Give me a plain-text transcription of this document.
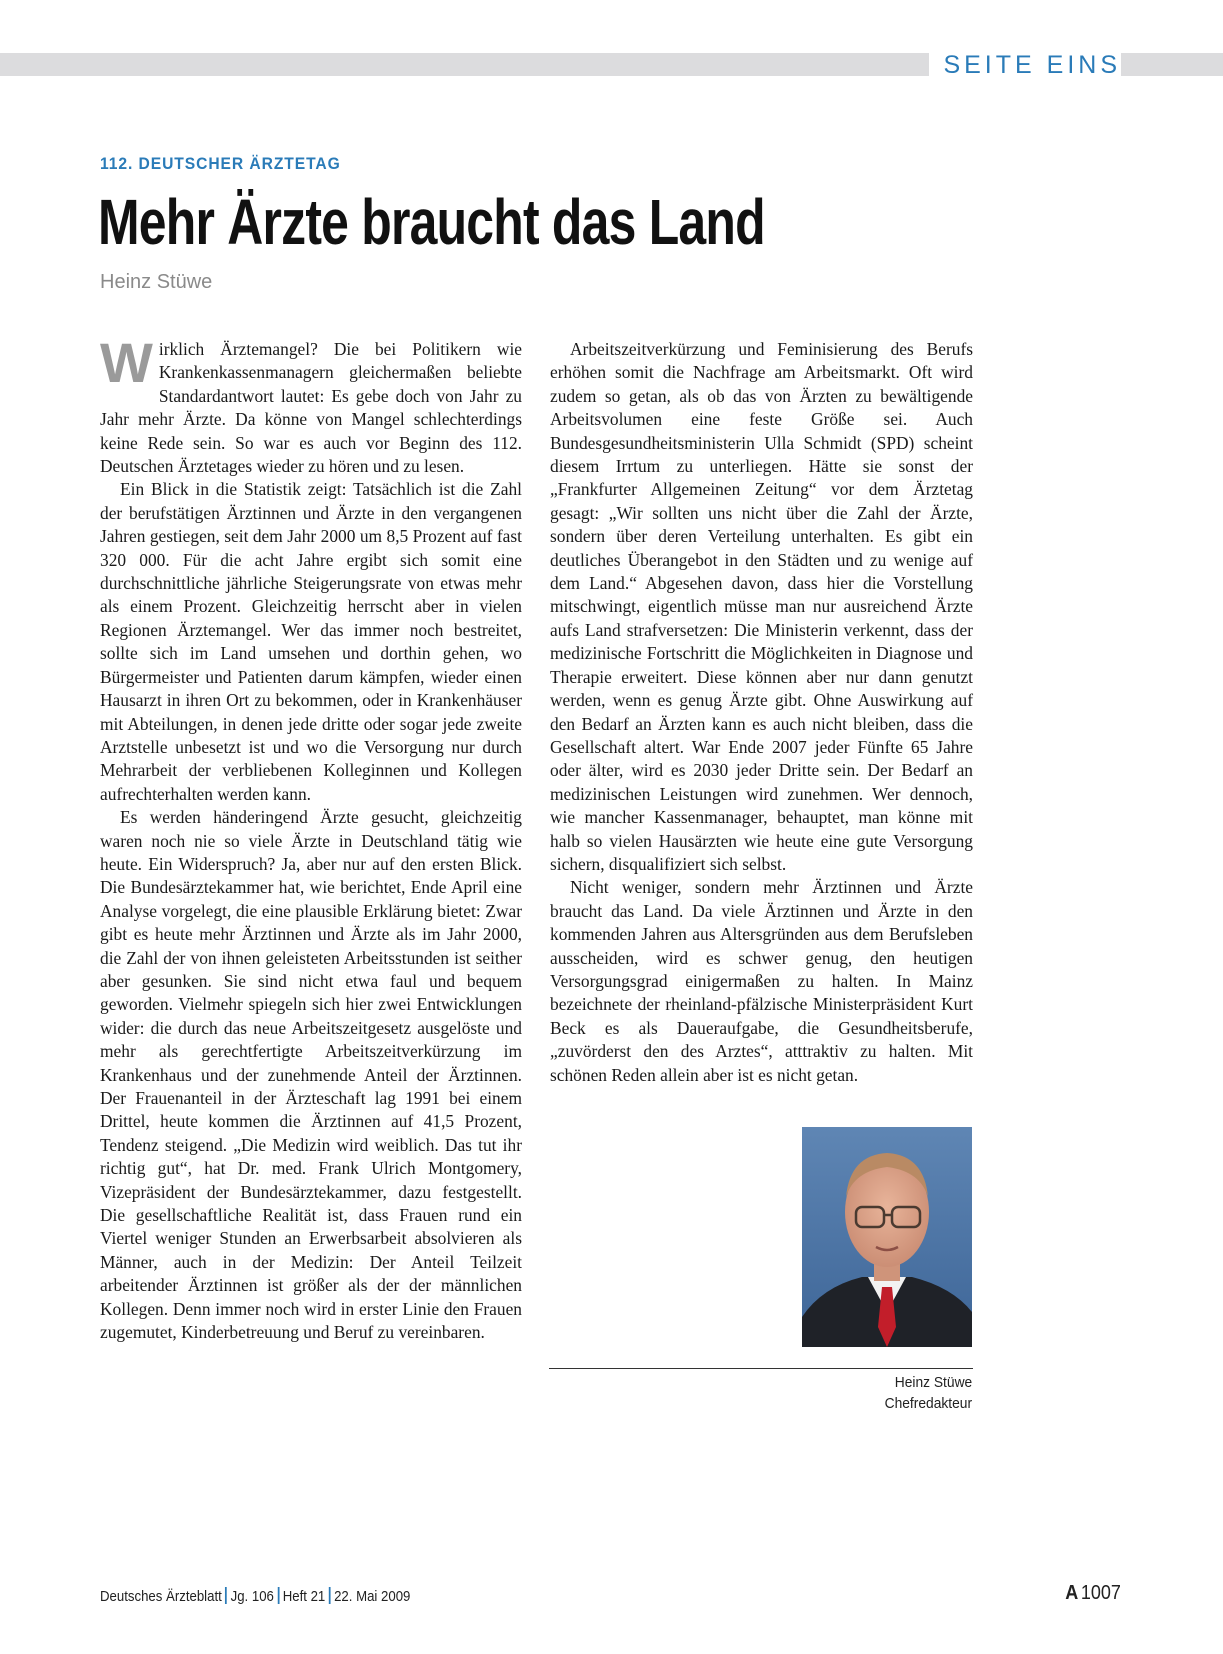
SEITE EINS
112. DEUTSCHER ÄRZTETAG
Mehr Ärzte braucht das Land
Heinz Stüwe

Wirklich Ärztemangel? Die bei Politikern wie Krankenkassenmanagern gleichermaßen beliebte Standardantwort lautet: Es gebe doch von Jahr zu Jahr mehr Ärzte. Da könne von Mangel schlechterdings keine Rede sein. So war es auch vor Beginn des 112. Deutschen Ärztetages wieder zu hören und zu lesen.

Ein Blick in die Statistik zeigt: Tatsächlich ist die Zahl der berufstätigen Ärztinnen und Ärzte in den vergangenen Jahren gestiegen, seit dem Jahr 2000 um 8,5 Prozent auf fast 320 000. Für die acht Jahre ergibt sich somit eine durchschnittliche jährliche Steigerungsrate von etwas mehr als einem Prozent. Gleichzeitig herrscht aber in vielen Regionen Ärztemangel. Wer das immer noch bestreitet, sollte sich im Land umsehen und dorthin gehen, wo Bürgermeister und Patienten darum kämpfen, wieder einen Hausarzt in ihren Ort zu bekommen, oder in Krankenhäuser mit Abteilungen, in denen jede dritte oder sogar jede zweite Arztstelle unbesetzt ist und wo die Versorgung nur durch Mehrarbeit der verbliebenen Kolleginnen und Kollegen aufrechterhalten werden kann.

Es werden händeringend Ärzte gesucht, gleichzeitig waren noch nie so viele Ärzte in Deutschland tätig wie heute. Ein Widerspruch? Ja, aber nur auf den ersten Blick. Die Bundesärztekammer hat, wie berichtet, Ende April eine Analyse vorgelegt, die eine plausible Erklärung bietet: Zwar gibt es heute mehr Ärztinnen und Ärzte als im Jahr 2000, die Zahl der von ihnen geleisteten Arbeitsstunden ist seither aber gesunken. Sie sind nicht etwa faul und bequem geworden. Vielmehr spiegeln sich hier zwei Entwicklungen wider: die durch das neue Arbeitszeitgesetz ausgelöste und mehr als gerechtfertigte Arbeitszeitverkürzung im Krankenhaus und der zunehmende Anteil der Ärztinnen. Der Frauenanteil in der Ärzteschaft lag 1991 bei einem Drittel, heute kommen die Ärztinnen auf 41,5 Prozent, Tendenz steigend. „Die Medizin wird weiblich. Das tut ihr richtig gut“, hat Dr. med. Frank Ulrich Montgomery, Vizepräsident der Bundesärztekammer, dazu festgestellt. Die gesellschaftliche Realität ist, dass Frauen rund ein Viertel weniger Stunden an Erwerbsarbeit absolvieren als Männer, auch in der Medizin: Der Anteil Teilzeit arbeitender Ärztinnen ist größer als der der männlichen Kollegen. Denn immer noch wird in erster Linie den Frauen zugemutet, Kinderbetreuung und Beruf zu vereinbaren.

Arbeitszeitverkürzung und Feminisierung des Berufs erhöhen somit die Nachfrage am Arbeitsmarkt. Oft wird zudem so getan, als ob das von Ärzten zu bewältigende Arbeitsvolumen eine feste Größe sei. Auch Bundesgesundheitsministerin Ulla Schmidt (SPD) scheint diesem Irrtum zu unterliegen. Hätte sie sonst der „Frankfurter Allgemeinen Zeitung“ vor dem Ärztetag gesagt: „Wir sollten uns nicht über die Zahl der Ärzte, sondern über deren Verteilung unterhalten. Es gibt ein deutliches Überangebot in den Städten und zu wenige auf dem Land.“ Abgesehen davon, dass hier die Vorstellung mitschwingt, eigentlich müsse man nur ausreichend Ärzte aufs Land strafversetzen: Die Ministerin verkennt, dass der medizinische Fortschritt die Möglichkeiten in Diagnose und Therapie erweitert. Diese können aber nur dann genutzt werden, wenn es genug Ärzte gibt. Ohne Auswirkung auf den Bedarf an Ärzten kann es auch nicht bleiben, dass die Gesellschaft altert. War Ende 2007 jeder Fünfte 65 Jahre oder älter, wird es 2030 jeder Dritte sein. Der Bedarf an medizinischen Leistungen wird zunehmen. Wer dennoch, wie mancher Kassenmanager, behauptet, man könne mit halb so vielen Hausärzten wie heute eine gute Versorgung sichern, disqualifiziert sich selbst.

Nicht weniger, sondern mehr Ärztinnen und Ärzte braucht das Land. Da viele Ärztinnen und Ärzte in den kommenden Jahren aus Altersgründen aus dem Berufsleben ausscheiden, wird es schwer genug, den heutigen Versorgungsgrad einigermaßen zu halten. In Mainz bezeichnete der rheinland-pfälzische Ministerpräsident Kurt Beck es als Daueraufgabe, die Gesundheitsberufe, „zuvörderst den des Arztes“, atttraktiv zu halten. Mit schönen Reden allein aber ist es nicht getan.

Heinz Stüwe
Chefredakteur
Deutsches Ärzteblatt Jg. 106 Heft 21 22. Mai 2009	A 1007
